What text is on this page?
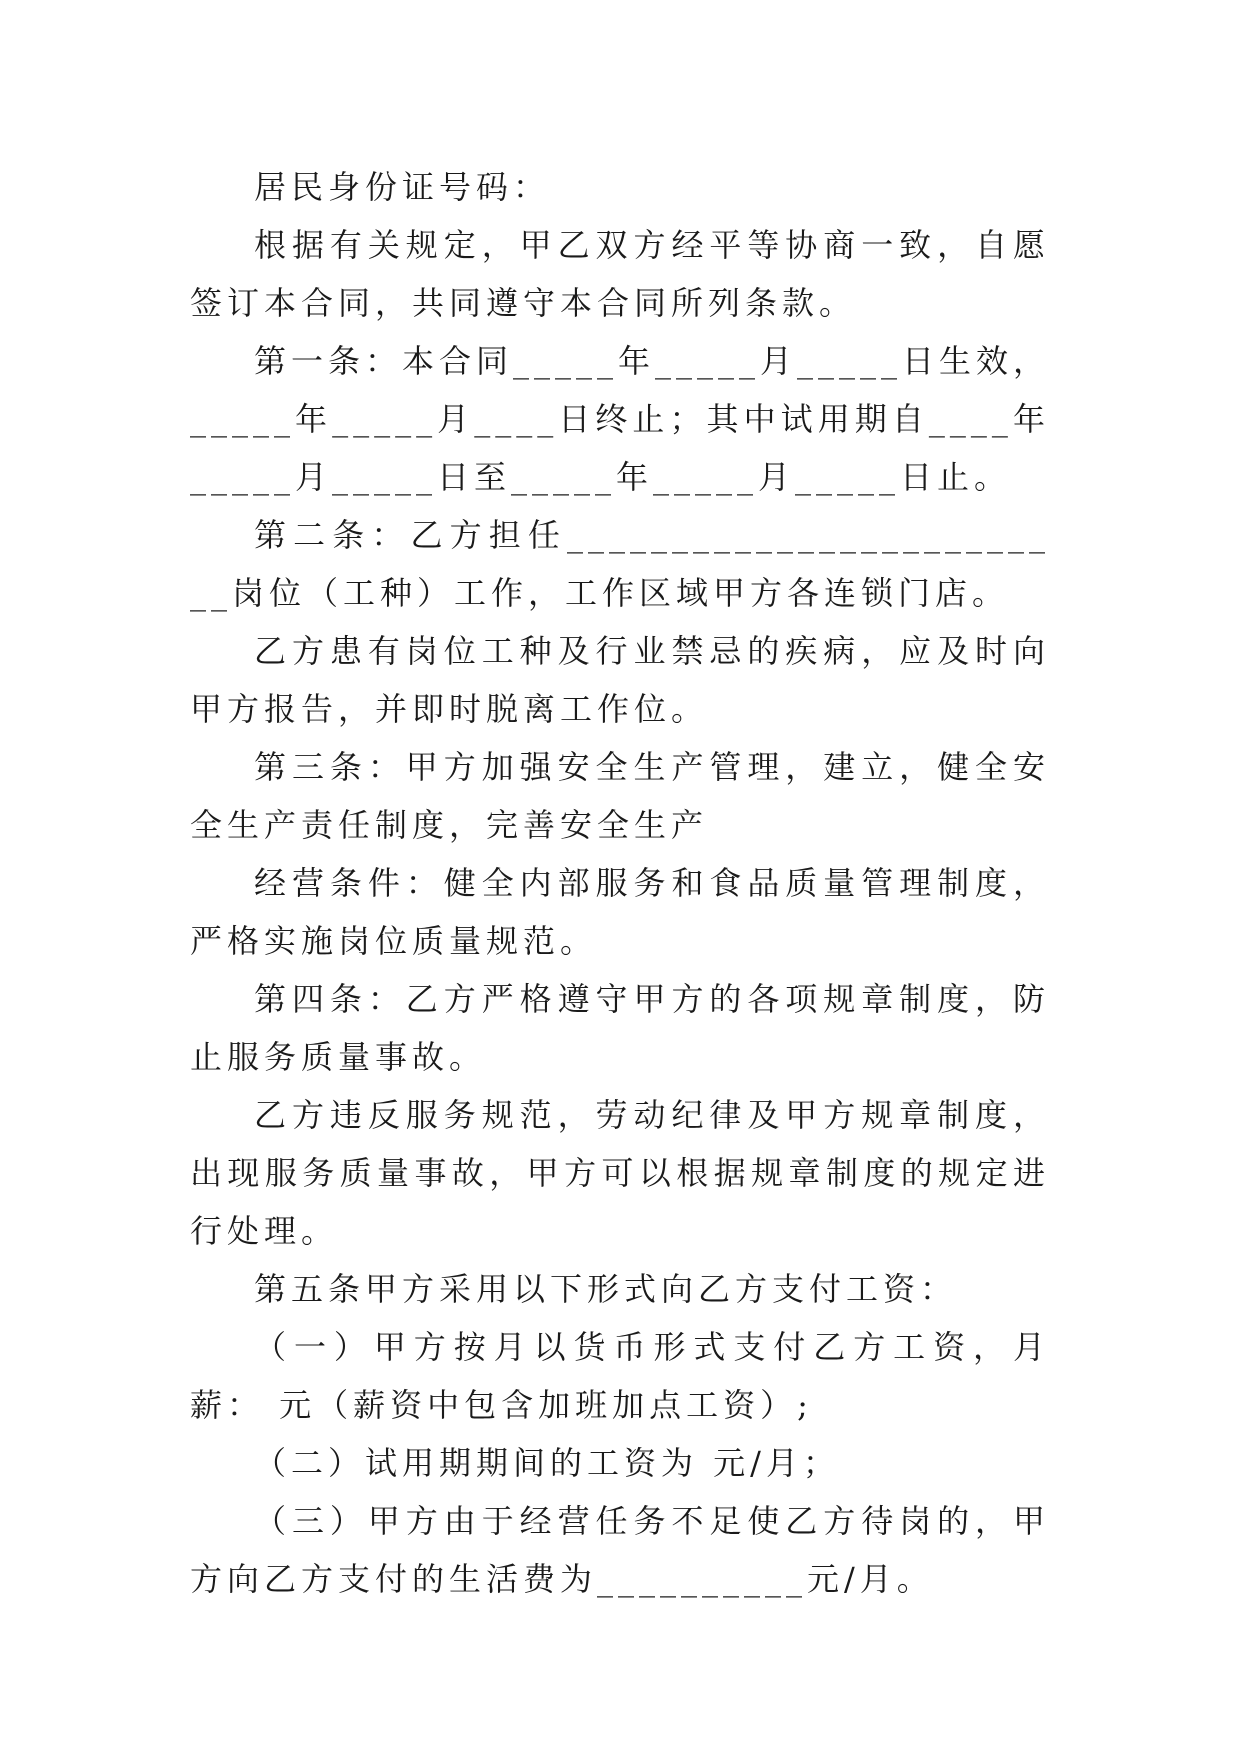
居民身份证号码：

根据有关规定，甲乙双方经平等协商一致，自愿签订本合同，共同遵守本合同所列条款。

第一条：本合同_____年_____月_____日生效，_____年_____月____日终止；其中试用期自____年_____月_____日至_____年_____月_____日止。

第二条：乙方担任_________________________岗位（工种）工作，工作区域甲方各连锁门店。

乙方患有岗位工种及行业禁忌的疾病，应及时向甲方报告，并即时脱离工作位。

第三条：甲方加强安全生产管理，建立，健全安全生产责任制度，完善安全生产

经营条件：健全内部服务和食品质量管理制度，严格实施岗位质量规范。

第四条：乙方严格遵守甲方的各项规章制度，防止服务质量事故。

乙方违反服务规范，劳动纪律及甲方规章制度，出现服务质量事故，甲方可以根据规章制度的规定进行处理。

第五条甲方采用以下形式向乙方支付工资：

（一）甲方按月以货币形式支付乙方工资，月薪： 元（薪资中包含加班加点工资）;

（二）试用期期间的工资为 元/月；

（三）甲方由于经营任务不足使乙方待岗的，甲方向乙方支付的生活费为__________元/月。
